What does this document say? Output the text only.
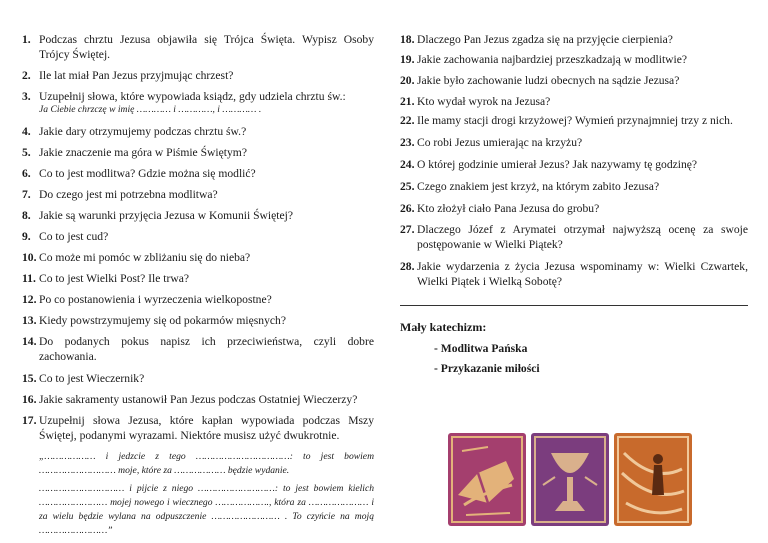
1. Podczas chrztu Jezusa objawiła się Trójca Święta. Wypisz Osoby Trójcy Świętej.
2. Ile lat miał Pan Jezus przyjmując chrzest?
3. Uzupełnij słowa, które wypowiada ksiądz, gdy udziela chrztu św.:
Ja Ciebie chrzczę w imię ………… i …………, i ………… .
4. Jakie dary otrzymujemy podczas chrztu św.?
5. Jakie znaczenie ma góra w Piśmie Świętym?
6. Co to jest modlitwa? Gdzie można się modlić?
7. Do czego jest mi potrzebna modlitwa?
8. Jakie są warunki przyjęcia Jezusa w Komunii Świętej?
9. Co to jest cud?
10. Co może mi pomóc w zbliżaniu się do nieba?
11. Co to jest Wielki Post? Ile trwa?
12. Po co postanowienia i wyrzeczenia wielkopostne?
13. Kiedy powstrzymujemy się od pokarmów mięsnych?
14. Do podanych pokus napisz ich przeciwieństwa, czyli dobre zachowania.
15. Co to jest Wieczernik?
16. Jakie sakramenty ustanowił Pan Jezus podczas Ostatniej Wieczerzy?
17. Uzupełnij słowa Jezusa, które kapłan wypowiada podczas Mszy Świętej, podanymi wyrazami. Niektóre musisz użyć dwukrotnie.
„……………… i jedzcie z tego ……………………………: to jest bowiem ……………………… moje, które za ……………… będzie wydanie.
………………………… i pijcie z niego ………………………: to jest bowiem kielich …………………… mojej nowego i wiecznego ………………., która za ………………… i za wielu będzie wylana na odpuszczenie …………………… . To czyńcie na moją ……………………”
18. Dlaczego Pan Jezus zgadza się na przyjęcie cierpienia?
19. Jakie zachowania najbardziej przeszkadzają w modlitwie?
20. Jakie było zachowanie ludzi obecnych na sądzie Jezusa?
21. Kto wydał wyrok na Jezusa?
22. Ile mamy stacji drogi krzyżowej? Wymień przynajmniej trzy z nich.
23. Co robi Jezus umierając na krzyżu?
24. O której godzinie umierał Jezus? Jak nazywamy tę godzinę?
25. Czego znakiem jest krzyż, na którym zabito Jezusa?
26. Kto złożył ciało Pana Jezusa do grobu?
27. Dlaczego Józef z Arymatei otrzymał najwyższą ocenę za swoje postępowanie w Wielki Piątek?
28. Jakie wydarzenia z życia Jezusa wspominamy w: Wielki Czwartek, Wielki Piątek i Wielką Sobotę?
Mały katechizm:
- Modlitwa Pańska
- Przykazanie miłości
